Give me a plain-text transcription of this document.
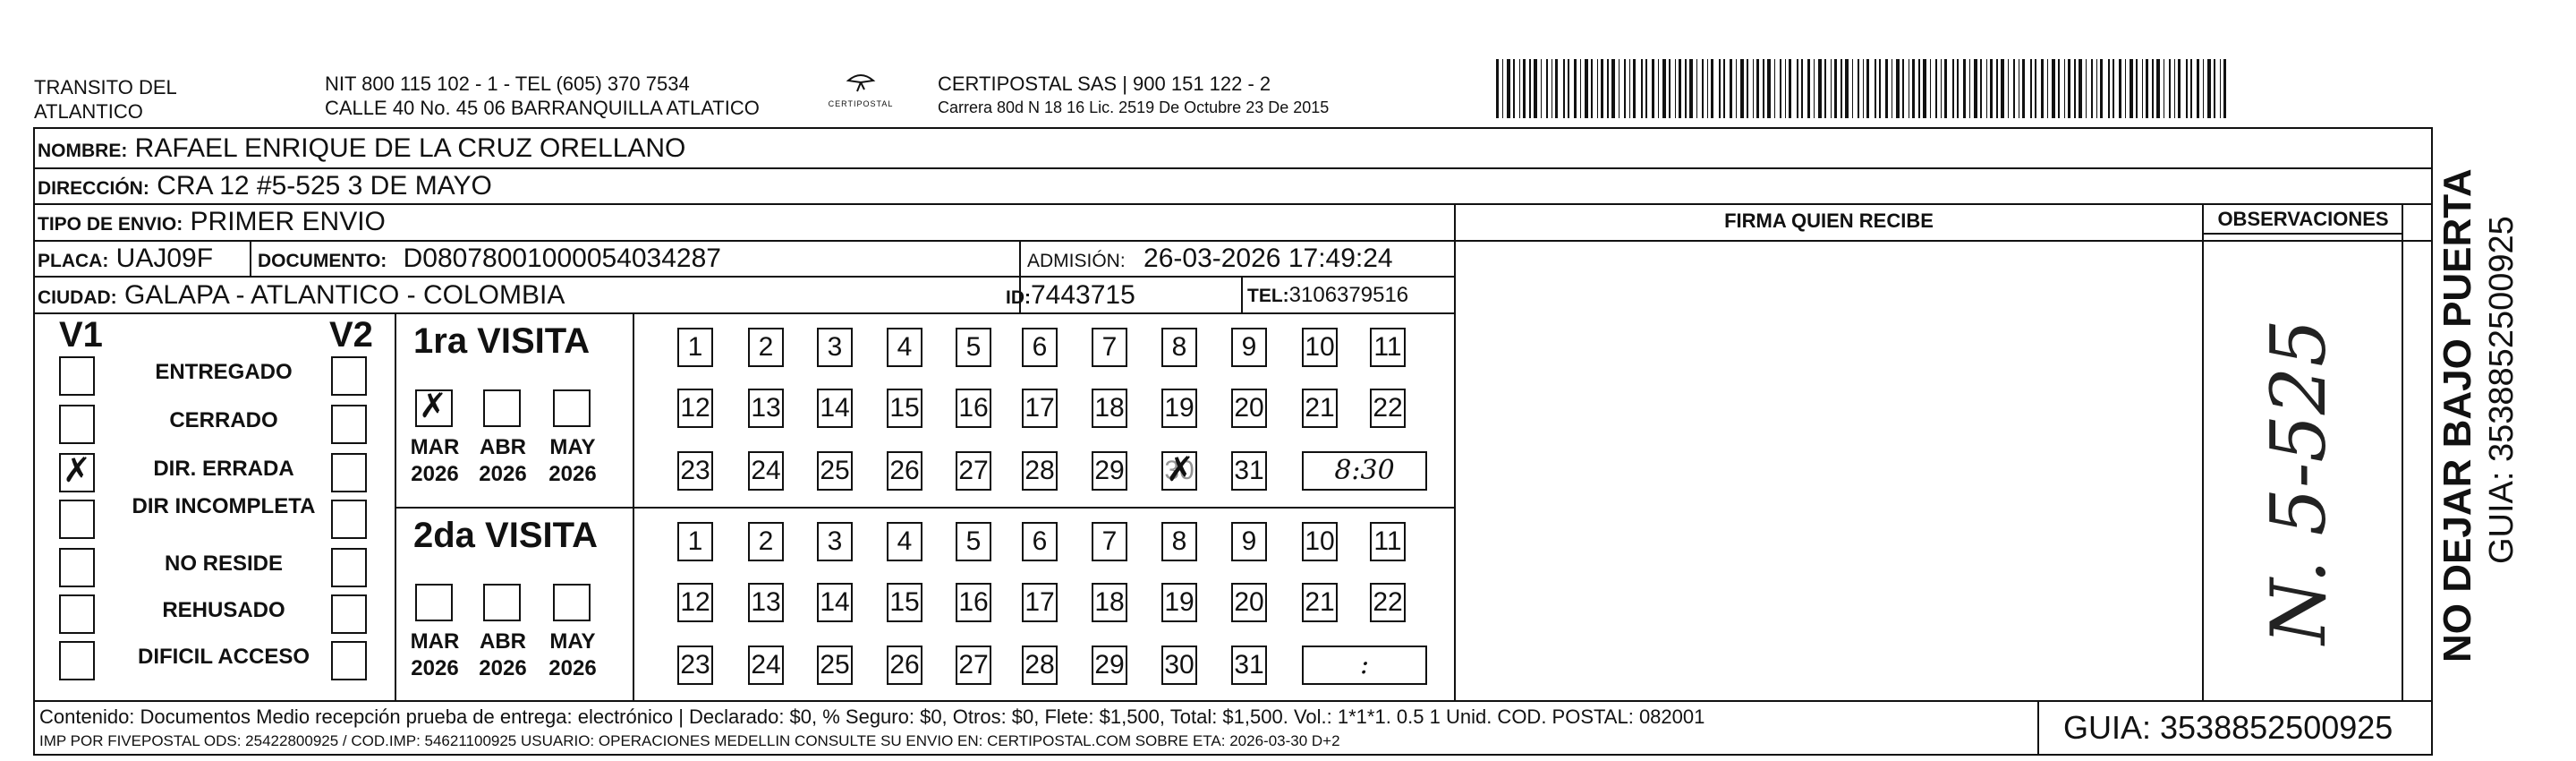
TRANSITO DEL
ATLANTICO
NIT 800 115 102 - 1 - TEL (605) 370 7534
CALLE 40 No. 45 06 BARRANQUILLA ATLATICO	CERTIPOSTAL
CERTIPOSTAL SAS | 900 151 122 - 2
Carrera 80d N 18 16 Lic. 2519 De Octubre 23 De 2015
NOMBRE: RAFAEL ENRIQUE DE LA CRUZ ORELLANO
DIRECCIÓN: CRA 12 #5-525 3 DE MAYO
TIPO DE ENVIO: PRIMER ENVIO
PLACA: UAJ09F DOCUMENTO: D08078001000054034287	ADMISIÓN: 26-03-2026 17:49:24
CIUDAD: GALAPA - ATLANTICO - COLOMBIA	ID:7443715	TEL:3106379516
FIRMA QUIEN RECIBE	OBSERVACIONES
V1	V2
ENTREGADO
CERRADO
✗
DIR. ERRADA
DIR INCOMPLETA
NO RESIDE
REHUSADO
DIFICIL ACCESO
1ra VISITA
✗
MAR
2026
ABR
2026
MAY
2026
1	2	3	4	5	6	7	8	9	10 11
12 13 14 15 16 17 18 19 20 21 22
23 24 25 26 27 28 29 30 ✗ 31	8:30
2da VISITA
MAR
2026
ABR
2026
MAY
2026
1	2	3	4	5	6	7	8	9	10 11
12 13 14 15 16 17 18 19 20 21 22
23 24 25 26 27 28 29 30 31	:
N. 5-525
Contenido: Documentos Medio recepción prueba de entrega: electrónico | Declarado: $0, % Seguro: $0, Otros: $0, Flete: $1,500, Total: $1,500. Vol.: 1*1*1. 0.5 1 Unid. COD. POSTAL: 082001
IMP POR FIVEPOSTAL ODS: 25422800925 / COD.IMP: 54621100925 USUARIO: OPERACIONES MEDELLIN CONSULTE SU ENVIO EN: CERTIPOSTAL.COM SOBRE ETA: 2026-03-30 D+2	GUIA: 3538852500925
NO DEJAR BAJO PUERTA GUIA: 3538852500925
